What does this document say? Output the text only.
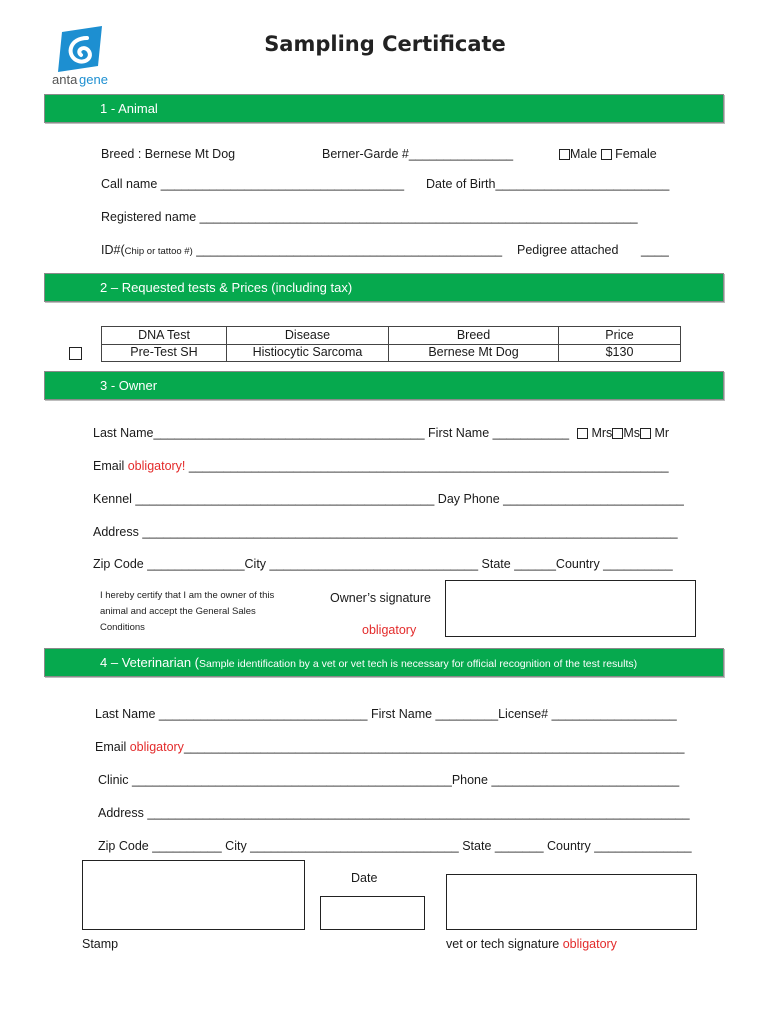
anta gene
Sampling Certificate
1 - Animal
Breed : Bernese Mt Dog	Berner-Garde #_______________	Male Female
Call name ___________________________________ Date of Birth_________________________
Registered name _______________________________________________________________
ID#(Chip or tattoo #) ____________________________________________ Pedigree attached ____
2 – Requested tests & Prices (including tax)
DNA Test	Disease	Breed	Price
Pre-Test SH	Histiocytic Sarcoma	Bernese Mt Dog	$130
3 - Owner
Last Name_______________________________________ First Name ___________	Mrs Ms Mr
Email obligatory! _____________________________________________________________________
Kennel ___________________________________________ Day Phone __________________________
Address _____________________________________________________________________________
Zip Code ______________City ______________________________ State ______Country __________
I hereby certify that I am the owner of this
animal and accept the General Sales
Conditions
Owner’s signature
obligatory
4 – Veterinarian (Sample identification by a vet or vet tech is necessary for official recognition of the test results)
Last Name ______________________________ First Name _________License# __________________
Email obligatory________________________________________________________________________
Clinic ______________________________________________Phone ___________________________
Address ______________________________________________________________________________
Zip Code __________ City ______________________________ State _______ Country ______________
Date
Stamp	vet or tech signature obligatory
